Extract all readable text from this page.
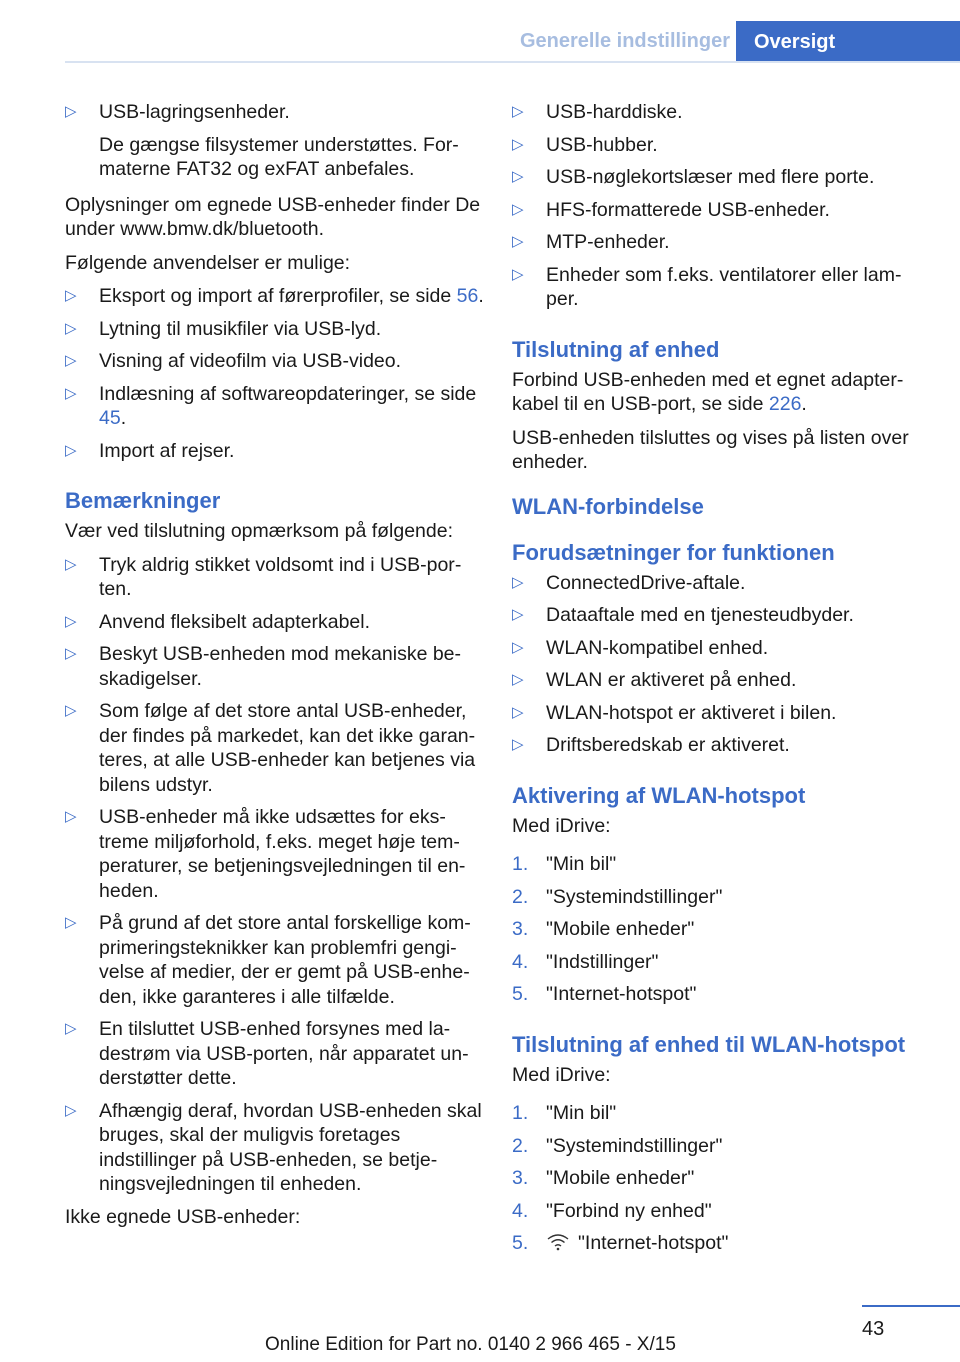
Generelle indstillinger Oversigt
▷ USB-lagringsenheder.
De gængse filsystemer understøttes. Formaterne FAT32 og exFAT anbefales.
Oplysninger om egnede USB-enheder finder De under www.bmw.dk/bluetooth.
Følgende anvendelser er mulige:
▷ Eksport og import af førerprofiler, se side 56.
▷ Lytning til musikfiler via USB-lyd.
▷ Visning af videofilm via USB-video.
▷ Indlæsning af softwareopdateringer, se side 45.
▷ Import af rejser.
Bemærkninger
Vær ved tilslutning opmærksom på følgende:
▷ Tryk aldrig stikket voldsomt ind i USB-porten.
▷ Anvend fleksibelt adapterkabel.
▷ Beskyt USB-enheden mod mekaniske beskadigelser.
▷ Som følge af det store antal USB-enheder, der findes på markedet, kan det ikke garanteres, at alle USB-enheder kan betjenes via bilens udstyr.
▷ USB-enheder må ikke udsættes for ekstreme miljøforhold, f.eks. meget høje temperaturer, se betjeningsvejledningen til enheden.
▷ På grund af det store antal forskellige komprimeringsteknikker kan problemfri gengivelse af medier, der er gemt på USB-enheden, ikke garanteres i alle tilfælde.
▷ En tilsluttet USB-enhed forsynes med ladestrøm via USB-porten, når apparatet understøtter dette.
▷ Afhængig deraf, hvordan USB-enheden skal bruges, skal der muligvis foretages indstillinger på USB-enheden, se betjeningsvejledningen til enheden.
Ikke egnede USB-enheder:
▷ USB-harddiske.
▷ USB-hubber.
▷ USB-nøglekortslæser med flere porte.
▷ HFS-formatterede USB-enheder.
▷ MTP-enheder.
▷ Enheder som f.eks. ventilatorer eller lamper.
Tilslutning af enhed
Forbind USB-enheden med et egnet adapterkabel til en USB-port, se side 226.
USB-enheden tilsluttes og vises på listen over enheder.
WLAN-forbindelse
Forudsætninger for funktionen
▷ ConnectedDrive-aftale.
▷ Dataaftale med en tjenesteudbyder.
▷ WLAN-kompatibel enhed.
▷ WLAN er aktiveret på enhed.
▷ WLAN-hotspot er aktiveret i bilen.
▷ Driftsberedskab er aktiveret.
Aktivering af WLAN-hotspot
Med iDrive:
1. "Min bil"
2. "Systemindstillinger"
3. "Mobile enheder"
4. "Indstillinger"
5. "Internet-hotspot"
Tilslutning af enhed til WLAN-hotspot
Med iDrive:
1. "Min bil"
2. "Systemindstillinger"
3. "Mobile enheder"
4. "Forbind ny enhed"
5.	"Internet-hotspot"
43
Online Edition for Part no. 0140 2 966 465 - X/15
